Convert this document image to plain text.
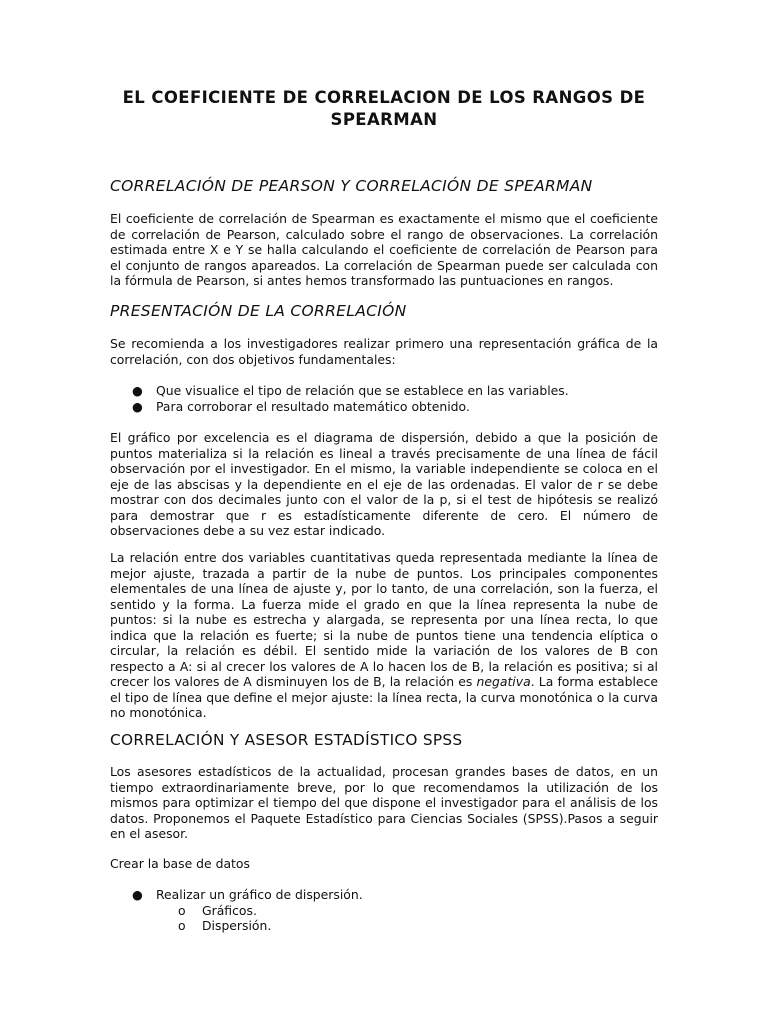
EL COEFICIENTE DE CORRELACION DE LOS RANGOS DE SPEARMAN
CORRELACIÓN DE PEARSON Y CORRELACIÓN DE SPEARMAN

El coeficiente de correlación de Spearman es exactamente el mismo que el coeficiente de correlación de Pearson, calculado sobre el rango de observaciones. La correlación estimada entre X e Y se halla calculando el coeficiente de correlación de Pearson para el conjunto de rangos apareados. La correlación de Spearman puede ser calculada con la fórmula de Pearson, si antes hemos transformado las puntuaciones en rangos.

PRESENTACIÓN DE LA CORRELACIÓN

Se recomienda a los investigadores realizar primero una representación gráfica de la correlación, con dos objetivos fundamentales:

● Que visualice el tipo de relación que se establece en las variables.
● Para corroborar el resultado matemático obtenido.

El gráfico por excelencia es el diagrama de dispersión, debido a que la posición de puntos materializa si la relación es lineal a través precisamente de una línea de fácil observación por el investigador. En el mismo, la variable independiente se coloca en el eje de las abscisas y la dependiente en el eje de las ordenadas. El valor de r se debe mostrar con dos decimales junto con el valor de la p, si el test de hipótesis se realizó para demostrar que r es estadísticamente diferente de cero. El número de observaciones debe a su vez estar indicado.

La relación entre dos variables cuantitativas queda representada mediante la línea de mejor ajuste, trazada a partir de la nube de puntos. Los principales componentes elementales de una línea de ajuste y, por lo tanto, de una correlación, son la fuerza, el sentido y la forma. La fuerza mide el grado en que la línea representa la nube de puntos: si la nube es estrecha y alargada, se representa por una línea recta, lo que indica que la relación es fuerte; si la nube de puntos tiene una tendencia elíptica o circular, la relación es débil. El sentido mide la variación de los valores de B con respecto a A: si al crecer los valores de A lo hacen los de B, la relación es positiva; si al crecer los valores de A disminuyen los de B, la relación es negativa. La forma establece el tipo de línea que define el mejor ajuste: la línea recta, la curva monotónica o la curva no monotónica.

CORRELACIÓN Y ASESOR ESTADÍSTICO SPSS

Los asesores estadísticos de la actualidad, procesan grandes bases de datos, en un tiempo extraordinariamente breve, por lo que recomendamos la utilización de los mismos para optimizar el tiempo del que dispone el investigador para el análisis de los datos. Proponemos el Paquete Estadístico para Ciencias Sociales (SPSS).Pasos a seguir en el asesor.

Crear la base de datos

● Realizar un gráfico de dispersión.
o Gráficos.
o Dispersión.
